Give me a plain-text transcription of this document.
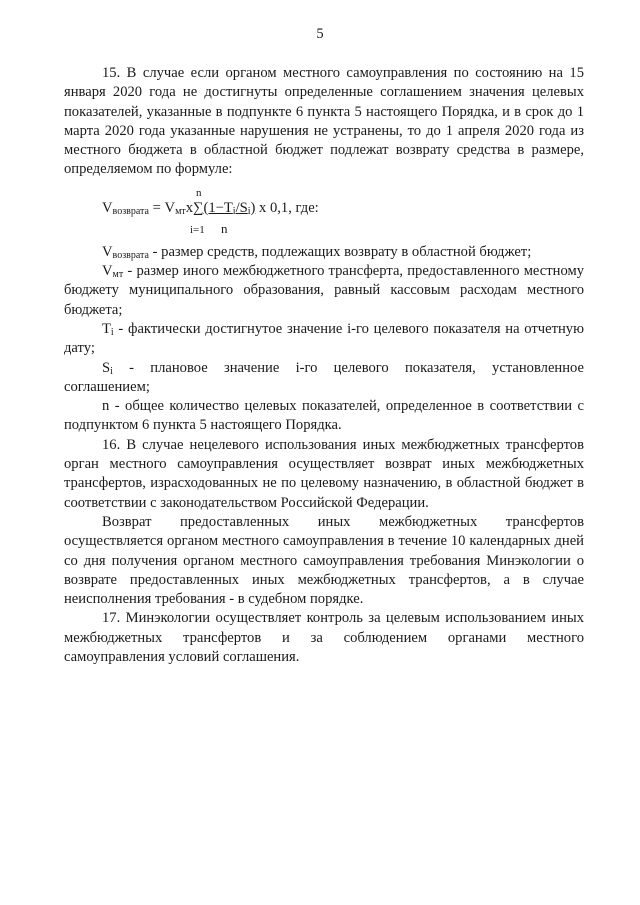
5

15. В случае если органом местного самоуправления по состоянию на 15 января 2020 года не достигнуты определенные соглашением значения целевых показателей, указанные в подпункте 6 пункта 5 настоящего Порядка, и в срок до 1 марта 2020 года указанные нарушения не устранены, то до 1 апреля 2020 года из местного бюджета в областной бюджет подлежат возврату средства в размере, определяемом по формуле:

n
$V_{возврата} = V_{мт}x\sum(1-T_i/S_i)$ x 0,1, где:
i=1 n

$V_{возврата}$ - размер средств, подлежащих возврату в областной бюджет;

$V_{мт}$ - размер иного межбюджетного трансферта, предоставленного местному бюджету муниципального образования, равный кассовым расходам местного бюджета;

$T_i$ - фактически достигнутое значение i-го целевого показателя на отчетную дату;

$S_i$ - плановое значение i-го целевого показателя, установленное соглашением;

n - общее количество целевых показателей, определенное в соответствии с подпунктом 6 пункта 5 настоящего Порядка.

16. В случае нецелевого использования иных межбюджетных трансфертов орган местного самоуправления осуществляет возврат иных межбюджетных трансфертов, израсходованных не по целевому назначению, в областной бюджет в соответствии с законодательством Российской Федерации.

Возврат предоставленных иных межбюджетных трансфертов осуществляется органом местного самоуправления в течение 10 календарных дней со дня получения органом местного самоуправления требования Минэкологии о возврате предоставленных иных межбюджетных трансфертов, а в случае неисполнения требования - в судебном порядке.

17. Минэкологии осуществляет контроль за целевым использованием иных межбюджетных трансфертов и за соблюдением органами местного самоуправления условий соглашения.
